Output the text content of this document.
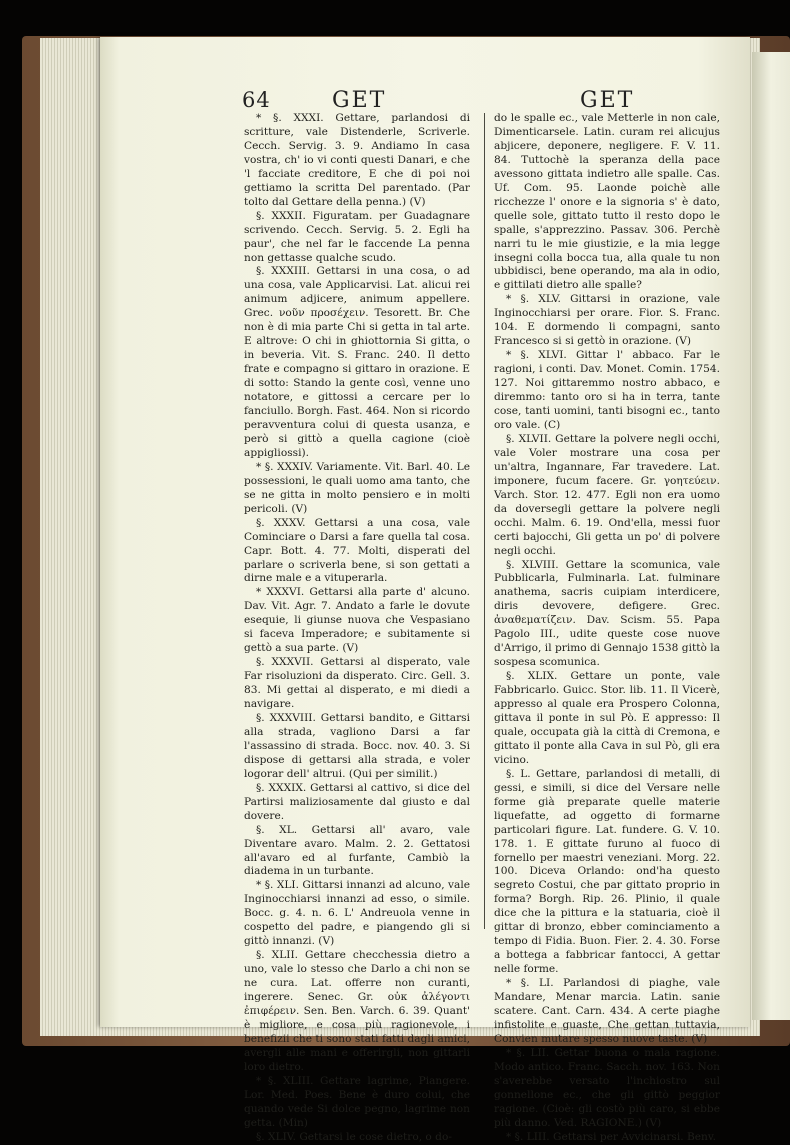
64	GET	GET

* §. XXXI. Gettare, parlandosi di scritture, vale Distenderle, Scriverle. Cecch. Servig. 3. 9. Andiamo In casa vostra, ch' io vi conti questi Danari, e che 'l facciate creditore, E che di poi noi gettiamo la scritta Del parentado. (Par tolto dal Gettare della penna.) (V)

§. XXXII. Figuratam. per Guadagnare scrivendo. Cecch. Servig. 5. 2. Egli ha paur', che nel far le faccende La penna non gettasse qualche scudo.

§. XXXIII. Gettarsi in una cosa, o ad una cosa, vale Applicarvisi. Lat. alicui rei animum adjicere, animum appellere. Grec. νοῦν προσέχειν. Tesorett. Br. Che non è di mia parte Chi si getta in tal arte. E altrove: O chi in ghiottornia Si gitta, o in beveria. Vit. S. Franc. 240. Il detto frate e compagno si gittaro in orazione. E di sotto: Stando la gente così, venne uno notatore, e gittossi a cercare per lo fanciullo. Borgh. Fast. 464. Non si ricordo peravventura colui di questa usanza, e però si gittò a quella cagione (cioè appigliossi).

* §. XXXIV. Variamente. Vit. Barl. 40. Le possessioni, le quali uomo ama tanto, che se ne gitta in molto pensiero e in molti pericoli. (V)

§. XXXV. Gettarsi a una cosa, vale Cominciare o Darsi a fare quella tal cosa. Capr. Bott. 4. 77. Molti, disperati del parlare o scriverla bene, si son gettati a dirne male e a vituperarla.

* XXXVI. Gettarsi alla parte d' alcuno. Dav. Vit. Agr. 7. Andato a farle le dovute esequie, li giunse nuova che Vespasiano si faceva Imperadore; e subitamente si gettò a sua parte. (V)

§. XXXVII. Gettarsi al disperato, vale Far risoluzioni da disperato. Circ. Gell. 3. 83. Mi gettai al disperato, e mi diedi a navigare.

§. XXXVIII. Gettarsi bandito, e Gittarsi alla strada, vagliono Darsi a far l'assassino di strada. Bocc. nov. 40. 3. Si dispose di gettarsi alla strada, e voler logorar dell' altrui. (Qui per similit.)

§. XXXIX. Gettarsi al cattivo, si dice del Partirsi maliziosamente dal giusto e dal dovere.

§. XL. Gettarsi all' avaro, vale Diventare avaro. Malm. 2. 2. Gettatosi all'avaro ed al furfante, Cambiò la diadema in un turbante.

* §. XLI. Gittarsi innanzi ad alcuno, vale Inginocchiarsi innanzi ad esso, o simile. Bocc. g. 4. n. 6. L' Andreuola venne in cospetto del padre, e piangendo gli si gittò innanzi. (V)

§. XLII. Gettare checchessia dietro a uno, vale lo stesso che Darlo a chi non se ne cura. Lat. offerre non curanti, ingerere. Senec. Gr. οὐκ ἀλέγοντι ἐπιφέρειν. Sen. Ben. Varch. 6. 39. Quant' è migliore, e cosa più ragionevole, i benefizii che ti sono stati fatti dagli amici, avergli alle mani e offerirgli, non gittarli loro dietro.

* §. XLIII. Gettare lagrime, Piangere. Lor. Med. Poes. Bene è duro colui, che quando vede Si dolce pegno, lagrime non getta. (Min)

§. XLIV. Gettarsi le cose dietro, o do-

do le spalle ec., vale Metterle in non cale, Dimenticarsele. Latin. curam rei alicujus abjicere, deponere, negligere. F. V. 11. 84. Tuttochè la speranza della pace avessono gittata indietro alle spalle. Cas. Uf. Com. 95. Laonde poichè alle ricchezze l' onore e la signoria s' è dato, quelle sole, gittato tutto il resto dopo le spalle, s'apprezzino. Passav. 306. Perchè narri tu le mie giustizie, e la mia legge insegni colla bocca tua, alla quale tu non ubbidisci, bene operando, ma ala in odio, e gittilati dietro alle spalle?

* §. XLV. Gittarsi in orazione, vale Inginocchiarsi per orare. Fior. S. Franc. 104. E dormendo li compagni, santo Francesco si si gettò in orazione. (V)

* §. XLVI. Gittar l' abbaco. Far le ragioni, i conti. Dav. Monet. Comin. 1754. 127. Noi gittaremmo nostro abbaco, e diremmo: tanto oro si ha in terra, tante cose, tanti uomini, tanti bisogni ec., tanto oro vale. (C)

§. XLVII. Gettare la polvere negli occhi, vale Voler mostrare una cosa per un'altra, Ingannare, Far travedere. Lat. imponere, fucum facere. Gr. γοητεύειν. Varch. Stor. 12. 477. Egli non era uomo da doversegli gettare la polvere negli occhi. Malm. 6. 19. Ond'ella, messi fuor certi bajocchi, Gli getta un po' di polvere negli occhi.

§. XLVIII. Gettare la scomunica, vale Pubblicarla, Fulminarla. Lat. fulminare anathema, sacris cuipiam interdicere, diris devovere, defigere. Grec. ἀναθεματίζειν. Dav. Scism. 55. Papa Pagolo III., udite queste cose nuove d'Arrigo, il primo di Gennajo 1538 gittò la sospesa scomunica.

§. XLIX. Gettare un ponte, vale Fabbricarlo. Guicc. Stor. lib. 11. Il Vicerè, appresso al quale era Prospero Colonna, gittava il ponte in sul Pò. E appresso: Il quale, occupata già la città di Cremona, e gittato il ponte alla Cava in sul Pò, gli era vicino.

§. L. Gettare, parlandosi di metalli, di gessi, e simili, si dice del Versare nelle forme già preparate quelle materie liquefatte, ad oggetto di formarne particolari figure. Lat. fundere. G. V. 10. 178. 1. E gittate furuno al fuoco di fornello per maestri veneziani. Morg. 22. 100. Diceva Orlando: ond'ha questo segreto Costui, che par gittato proprio in forma? Borgh. Rip. 26. Plinio, il quale dice che la pittura e la statuaria, cioè il gittar di bronzo, ebber cominciamento a tempo di Fidia. Buon. Fier. 2. 4. 30. Forse a bottega a fabbricar fantocci, A gettar nelle forme.

* §. LI. Parlandosi di piaghe, vale Mandare, Menar marcia. Latin. sanie scatere. Cant. Carn. 434. A certe piaghe infistolite e guaste, Che gettan tuttavia, Convien mutare spesso nuove taste. (V)

* §. LII. Gettar buona o mala ragione. Modo antico. Franc. Sacch. nov. 163. Non s'averebbe versato l'inchiostro sul gonnellone ec., che gli gittò peggior ragione. (Cioè: gli costò più caro, si ebbe più danno. Ved. RAGIONE.) (V)

* §. LIII. Gettarsi per Avvicinarsi. Benv.
